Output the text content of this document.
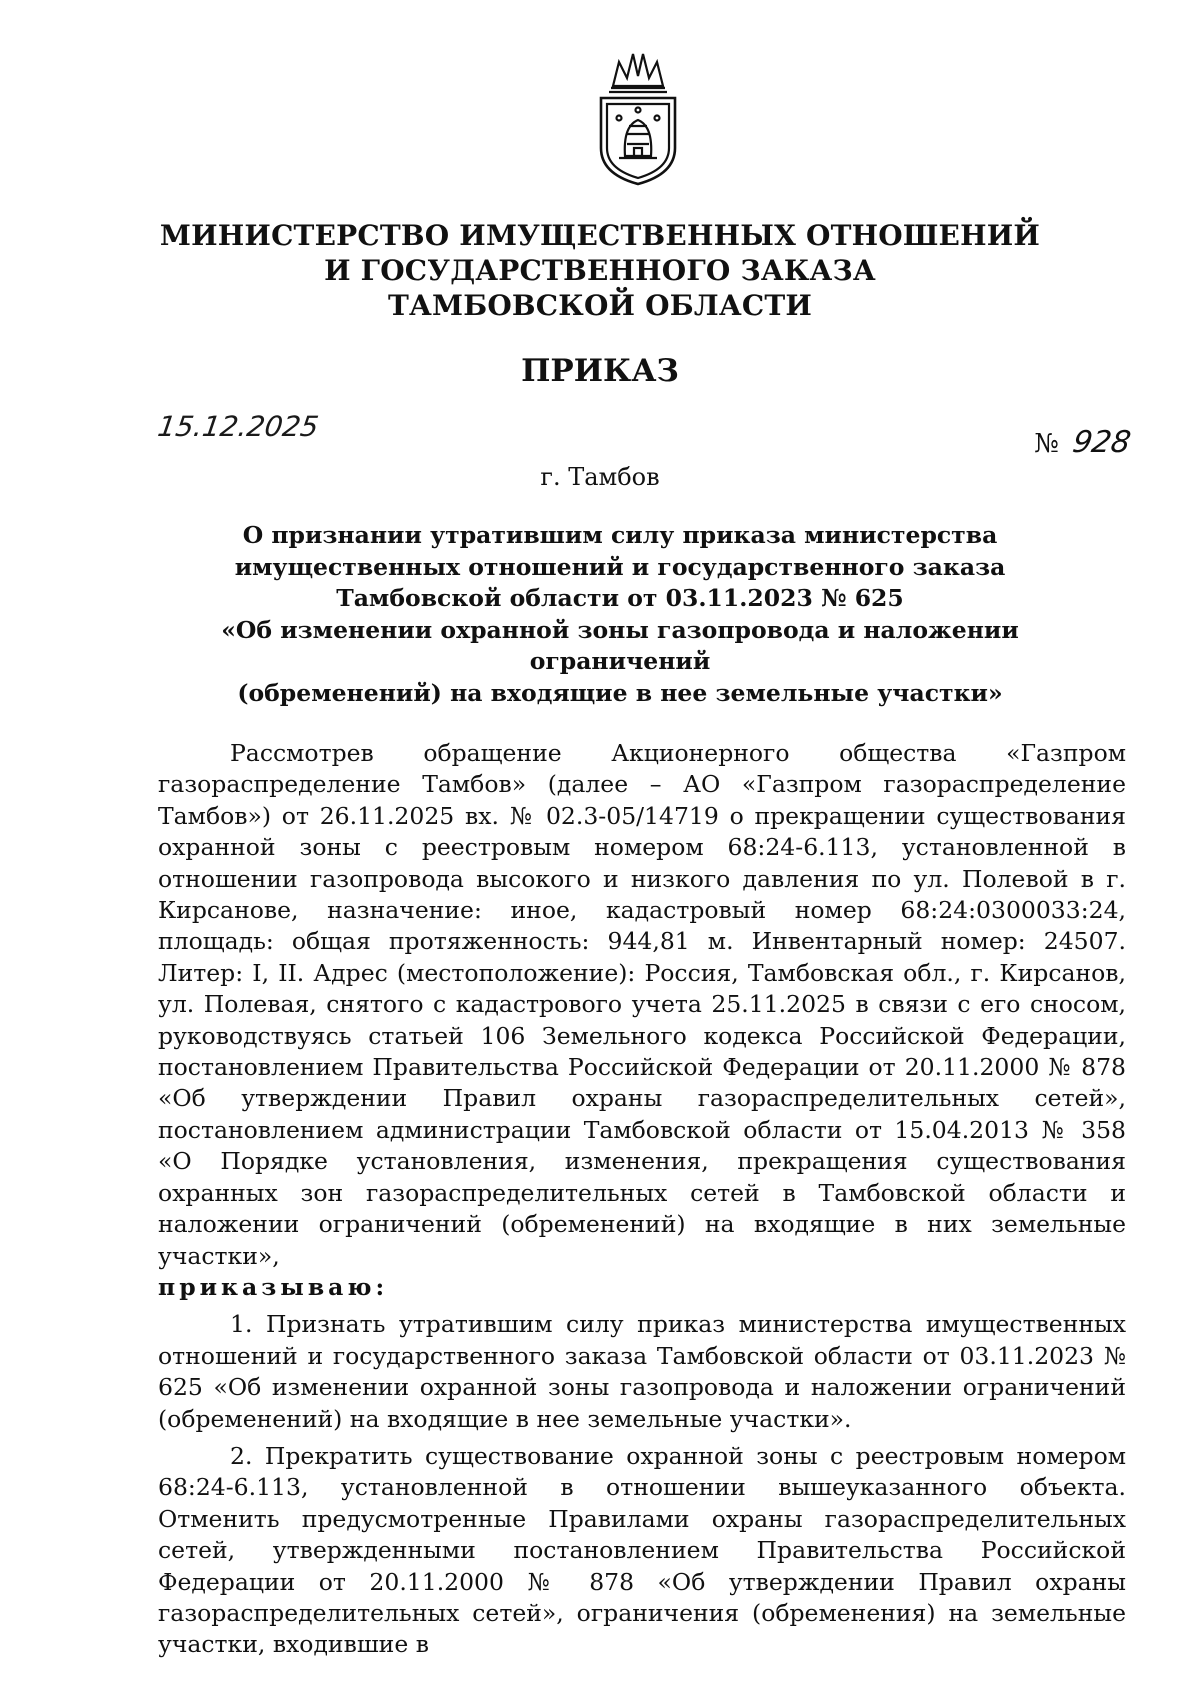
МИНИСТЕРСТВО ИМУЩЕСТВЕННЫХ ОТНОШЕНИЙ
И ГОСУДАРСТВЕННОГО ЗАКАЗА
ТАМБОВСКОЙ ОБЛАСТИ
ПРИКАЗ
15.12.2025
№ 928
г. Тамбов
О признании утратившим силу приказа министерства
имущественных отношений и государственного заказа
Тамбовской области от 03.11.2023 № 625
«Об изменении охранной зоны газопровода и наложении ограничений
(обременений) на входящие в нее земельные участки»

Рассмотрев обращение Акционерного общества «Газпром газораспределение Тамбов» (далее – АО «Газпром газораспределение Тамбов») от 26.11.2025 вх. № 02.3-05/14719 о прекращении существования охранной зоны с реестровым номером 68:24-6.113, установленной в отношении газопровода высокого и низкого давления по ул. Полевой в г. Кирсанове, назначение: иное, кадастровый номер 68:24:0300033:24, площадь: общая протяженность: 944,81 м. Инвентарный номер: 24507. Литер: I, II. Адрес (местоположение): Россия, Тамбовская обл., г. Кирсанов, ул. Полевая, снятого с кадастрового учета 25.11.2025 в связи с его сносом, руководствуясь статьей 106 Земельного кодекса Российской Федерации, постановлением Правительства Российской Федерации от 20.11.2000 № 878 «Об утверждении Правил охраны газораспределительных сетей», постановлением администрации Тамбовской области от 15.04.2013 № 358 «О Порядке установления, изменения, прекращения существования охранных зон газораспределительных сетей в Тамбовской области и наложении ограничений (обременений) на входящие в них земельные участки»,
приказываю:

1. Признать утратившим силу приказ министерства имущественных отношений и государственного заказа Тамбовской области от 03.11.2023 № 625 «Об изменении охранной зоны газопровода и наложении ограничений (обременений) на входящие в нее земельные участки».

2. Прекратить существование охранной зоны с реестровым номером 68:24-6.113, установленной в отношении вышеуказанного объекта. Отменить предусмотренные Правилами охраны газораспределительных сетей, утвержденными постановлением Правительства Российской Федерации от 20.11.2000 № 878 «Об утверждении Правил охраны газораспределительных сетей», ограничения (обременения) на земельные участки, входившие в
